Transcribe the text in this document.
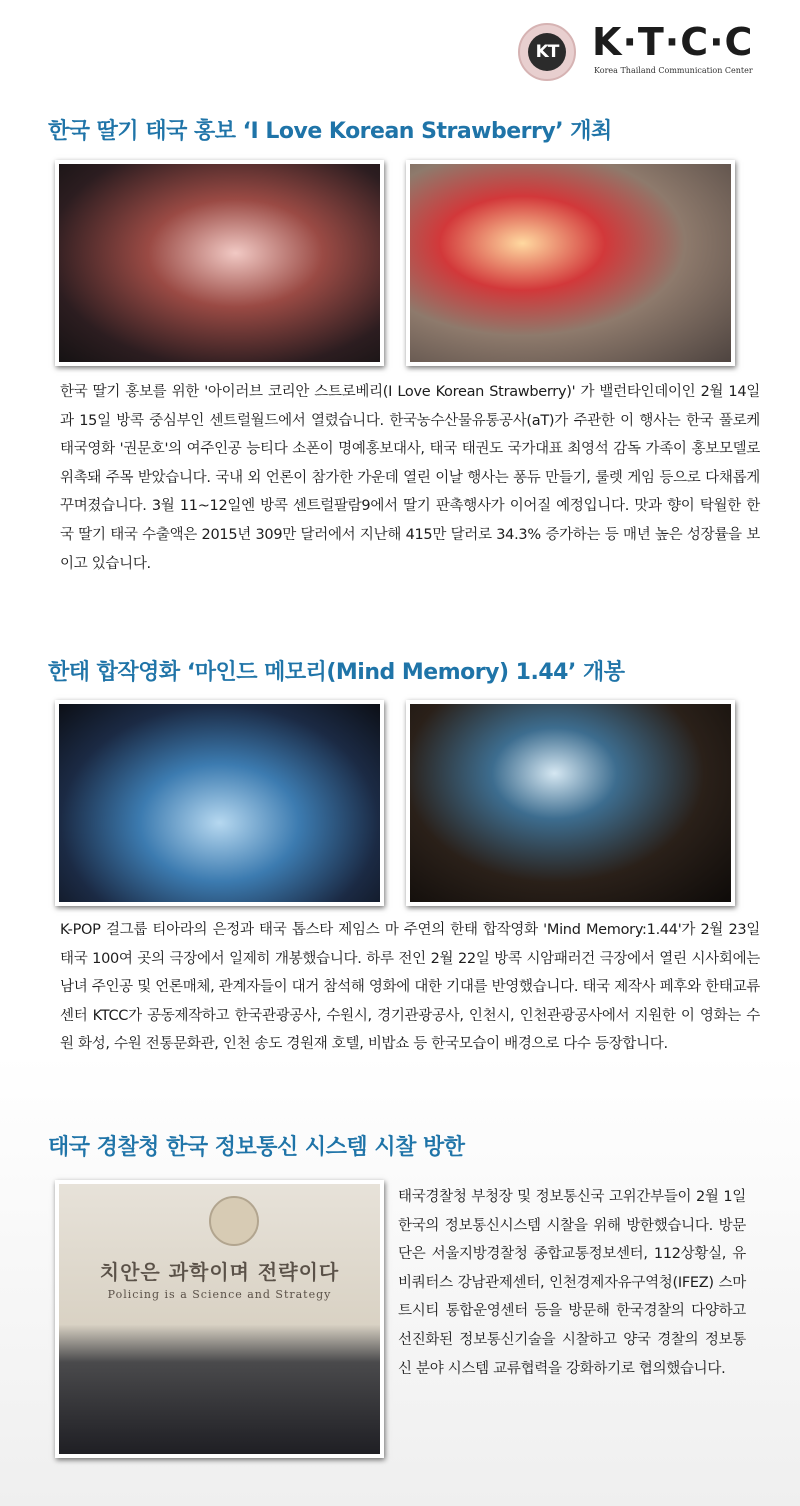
KT K·T·C·C
Korea Thailand Communication Center
한국 딸기 태국 홍보 ‘I Love Korean Strawberry’ 개최

한국 딸기 홍보를 위한 '아이러브 코리안 스트로베리(I Love Korean Strawberry)' 가 밸런타인데이인 2월 14일과 15일 방콕 중심부인 센트럴월드에서 열렸습니다. 한국농수산물유통공사(aT)가 주관한 이 행사는 한국 풀로케 태국영화 '권문호'의 여주인공 능티다 소폰이 명예홍보대사, 태국 태권도 국가대표 최영석 감독 가족이 홍보모델로 위촉돼 주목 받았습니다. 국내 외 언론이 참가한 가운데 열린 이날 행사는 퐁듀 만들기, 룰렛 게임 등으로 다채롭게 꾸며졌습니다. 3월 11~12일엔 방콕 센트럴팔람9에서 딸기 판촉행사가 이어질 예정입니다. 맛과 향이 탁월한 한국 딸기 태국 수출액은 2015년 309만 달러에서 지난해 415만 달러로 34.3% 증가하는 등 매년 높은 성장률을 보이고 있습니다.

한태 합작영화 ‘마인드 메모리(Mind Memory) 1.44’ 개봉

K-POP 걸그룹 티아라의 은정과 태국 톱스타 제임스 마 주연의 한태 합작영화 'Mind Memory:1.44'가 2월 23일 태국 100여 곳의 극장에서 일제히 개봉했습니다. 하루 전인 2월 22일 방콕 시암패러건 극장에서 열린 시사회에는 남녀 주인공 및 언론매체, 관계자들이 대거 참석해 영화에 대한 기대를 반영했습니다. 태국 제작사 페후와 한태교류센터 KTCC가 공동제작하고 한국관광공사, 수원시, 경기관광공사, 인천시, 인천관광공사에서 지원한 이 영화는 수원 화성, 수원 전통문화관, 인천 송도 경원재 호텔, 비밥쇼 등 한국모습이 배경으로 다수 등장합니다.

태국 경찰청 한국 정보통신 시스템 시찰 방한
치안은 과학이며 전략이다
Policing is a Science and Strategy

태국경찰청 부청장 및 정보통신국 고위간부들이 2월 1일 한국의 정보통신시스템 시찰을 위해 방한했습니다. 방문단은 서울지방경찰청 종합교통정보센터, 112상황실, 유비쿼터스 강남관제센터, 인천경제자유구역청(IFEZ) 스마트시티 통합운영센터 등을 방문해 한국경찰의 다양하고 선진화된 정보통신기술을 시찰하고 양국 경찰의 정보통신 분야 시스템 교류협력을 강화하기로 협의했습니다.
